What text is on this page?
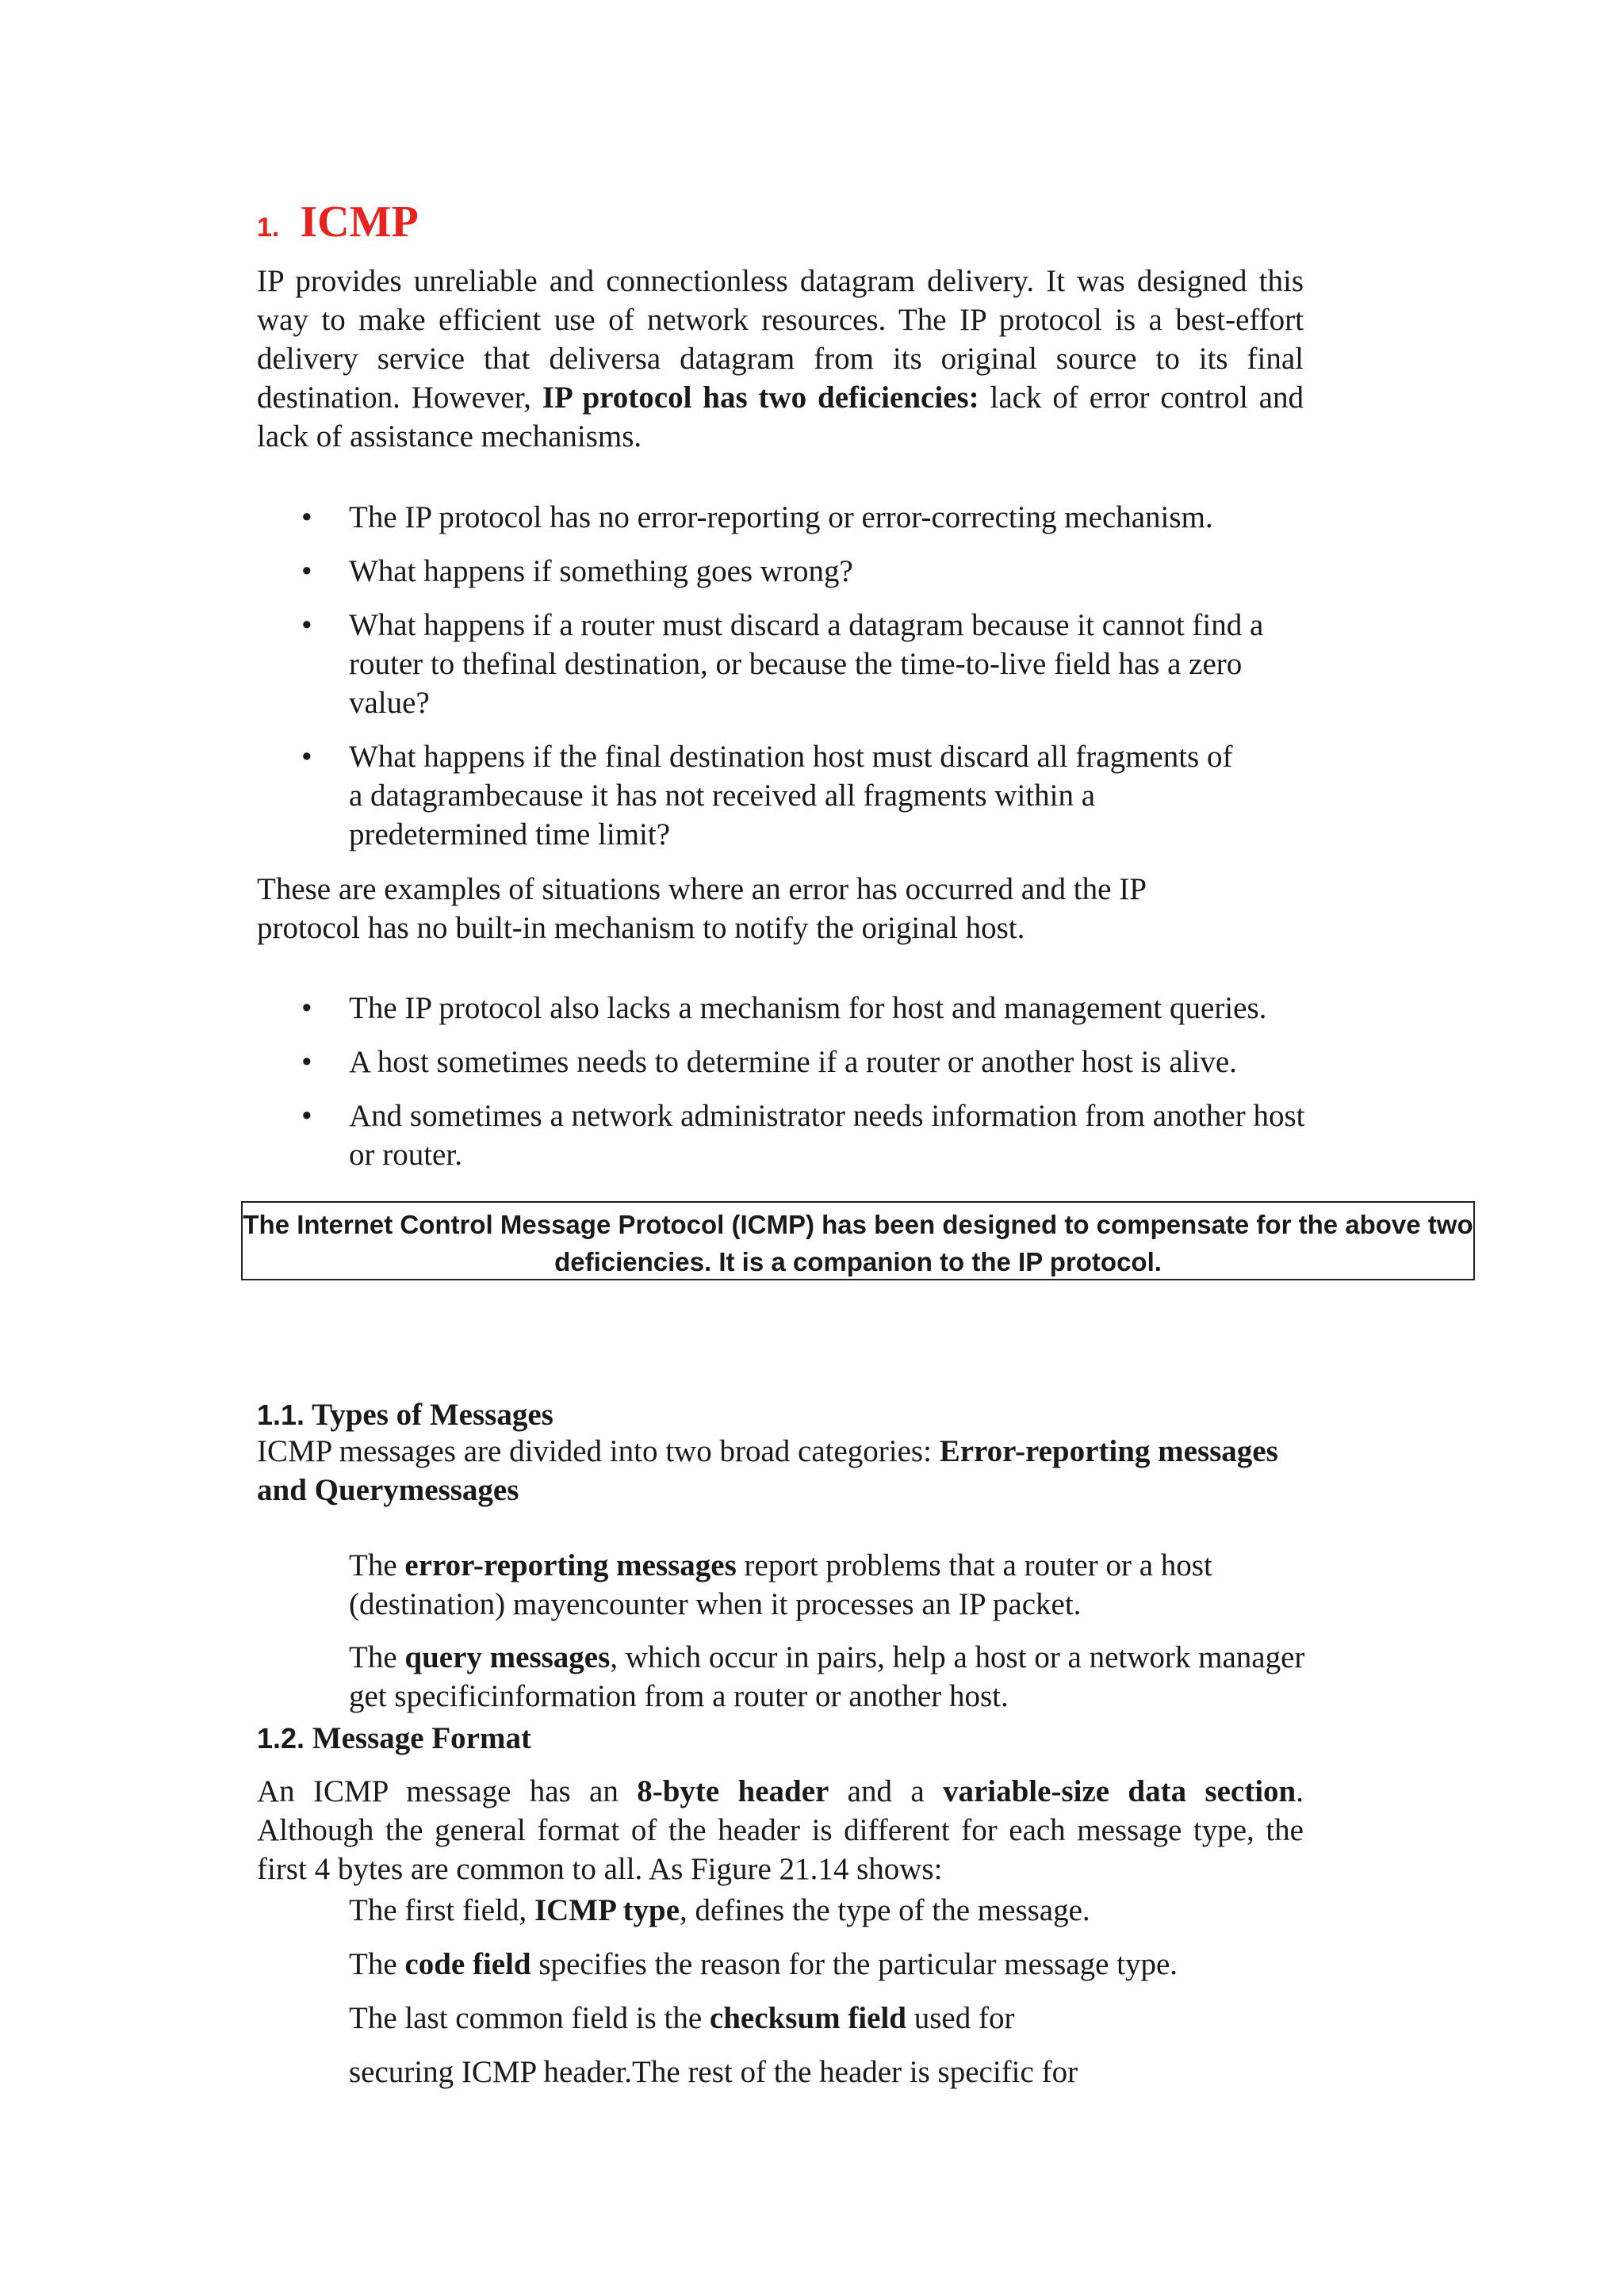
1. ICMP

IP provides unreliable and connectionless datagram delivery. It was designed this way to make efficient use of network resources. The IP protocol is a best-effort delivery service that deliversa datagram from its original source to its final destination. However, IP protocol has two deficiencies: lack of error control and lack of assistance mechanisms.

• The IP protocol has no error-reporting or error-correcting mechanism.
• What happens if something goes wrong?
• What happens if a router must discard a datagram because it cannot find a router to thefinal destination, or because the time-to-live field has a zero value?
• What happens if the final destination host must discard all fragments of a datagrambecause it has not received all fragments within a predetermined time limit?

These are examples of situations where an error has occurred and the IP protocol has no built-in mechanism to notify the original host.

• The IP protocol also lacks a mechanism for host and management queries.
• A host sometimes needs to determine if a router or another host is alive.
• And sometimes a network administrator needs information from another host or router.
The Internet Control Message Protocol (ICMP) has been designed to compensate for the above two deficiencies. It is a companion to the IP protocol.
1.1. Types of Messages

ICMP messages are divided into two broad categories: Error-reporting messages and Querymessages

The error-reporting messages report problems that a router or a host (destination) mayencounter when it processes an IP packet.

The query messages, which occur in pairs, help a host or a network manager get specificinformation from a router or another host.

1.2. Message Format

An ICMP message has an 8-byte header and a variable-size data section. Although the general format of the header is different for each message type, the first 4 bytes are common to all. As Figure 21.14 shows:

The first field, ICMP type, defines the type of the message.
The code field specifies the reason for the particular message type.
The last common field is the checksum field used for
securing ICMP header.The rest of the header is specific for
